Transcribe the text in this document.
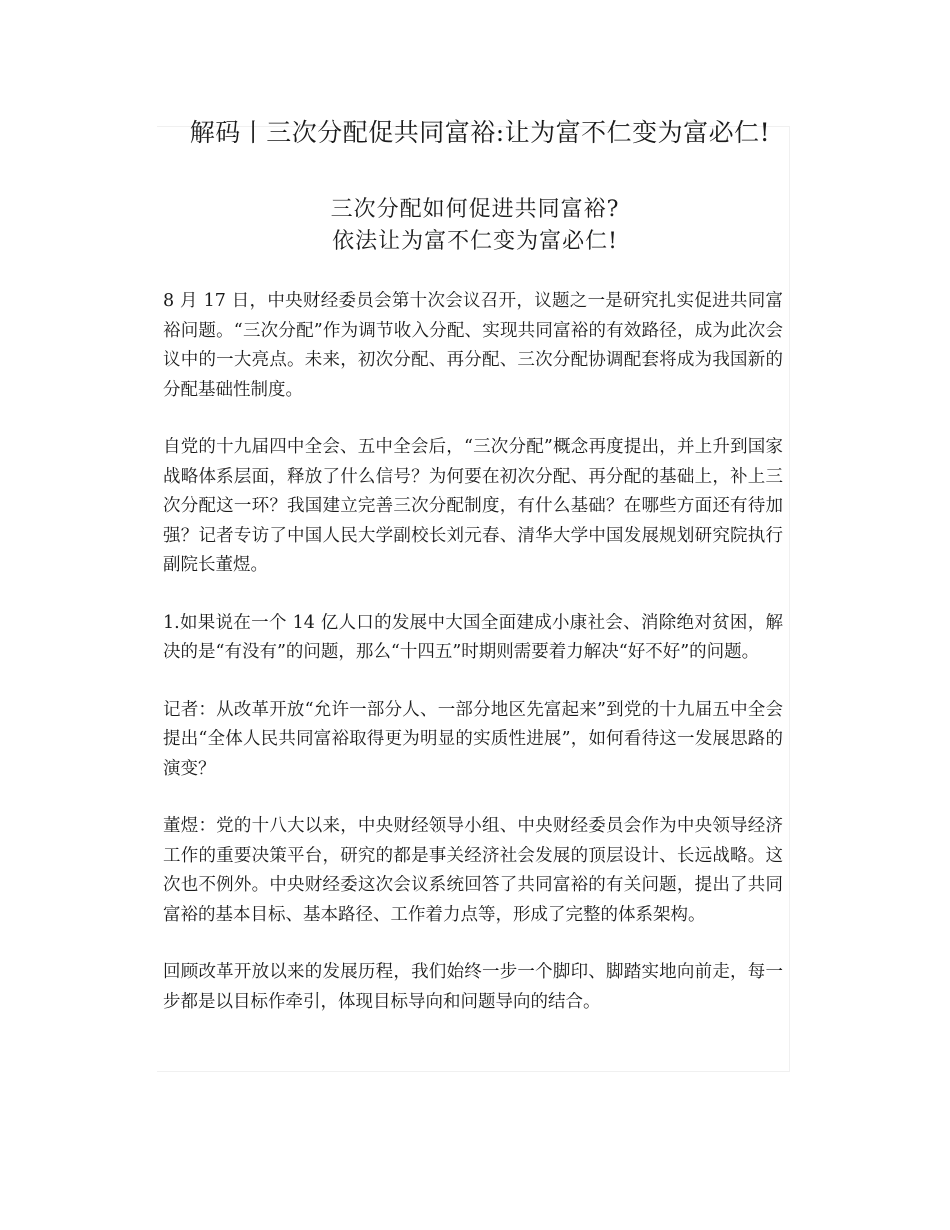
解码丨三次分配促共同富裕:让为富不仁变为富必仁!
三次分配如何促进共同富裕?
依法让为富不仁变为富必仁!

8 月 17 日，中央财经委员会第十次会议召开，议题之一是研究扎实促进共同富裕问题。“三次分配”作为调节收入分配、实现共同富裕的有效路径，成为此次会议中的一大亮点。未来，初次分配、再分配、三次分配协调配套将成为我国新的分配基础性制度。

自党的十九届四中全会、五中全会后，“三次分配”概念再度提出，并上升到国家战略体系层面，释放了什么信号？为何要在初次分配、再分配的基础上，补上三次分配这一环？我国建立完善三次分配制度，有什么基础？在哪些方面还有待加强？记者专访了中国人民大学副校长刘元春、清华大学中国发展规划研究院执行副院长董煜。

1.如果说在一个 14 亿人口的发展中大国全面建成小康社会、消除绝对贫困，解决的是“有没有”的问题，那么“十四五”时期则需要着力解决“好不好”的问题。

记者：从改革开放“允许一部分人、一部分地区先富起来”到党的十九届五中全会提出“全体人民共同富裕取得更为明显的实质性进展”，如何看待这一发展思路的演变？

董煜：党的十八大以来，中央财经领导小组、中央财经委员会作为中央领导经济工作的重要决策平台，研究的都是事关经济社会发展的顶层设计、长远战略。这次也不例外。中央财经委这次会议系统回答了共同富裕的有关问题，提出了共同富裕的基本目标、基本路径、工作着力点等，形成了完整的体系架构。

回顾改革开放以来的发展历程，我们始终一步一个脚印、脚踏实地向前走，每一步都是以目标作牵引，体现目标导向和问题导向的结合。
